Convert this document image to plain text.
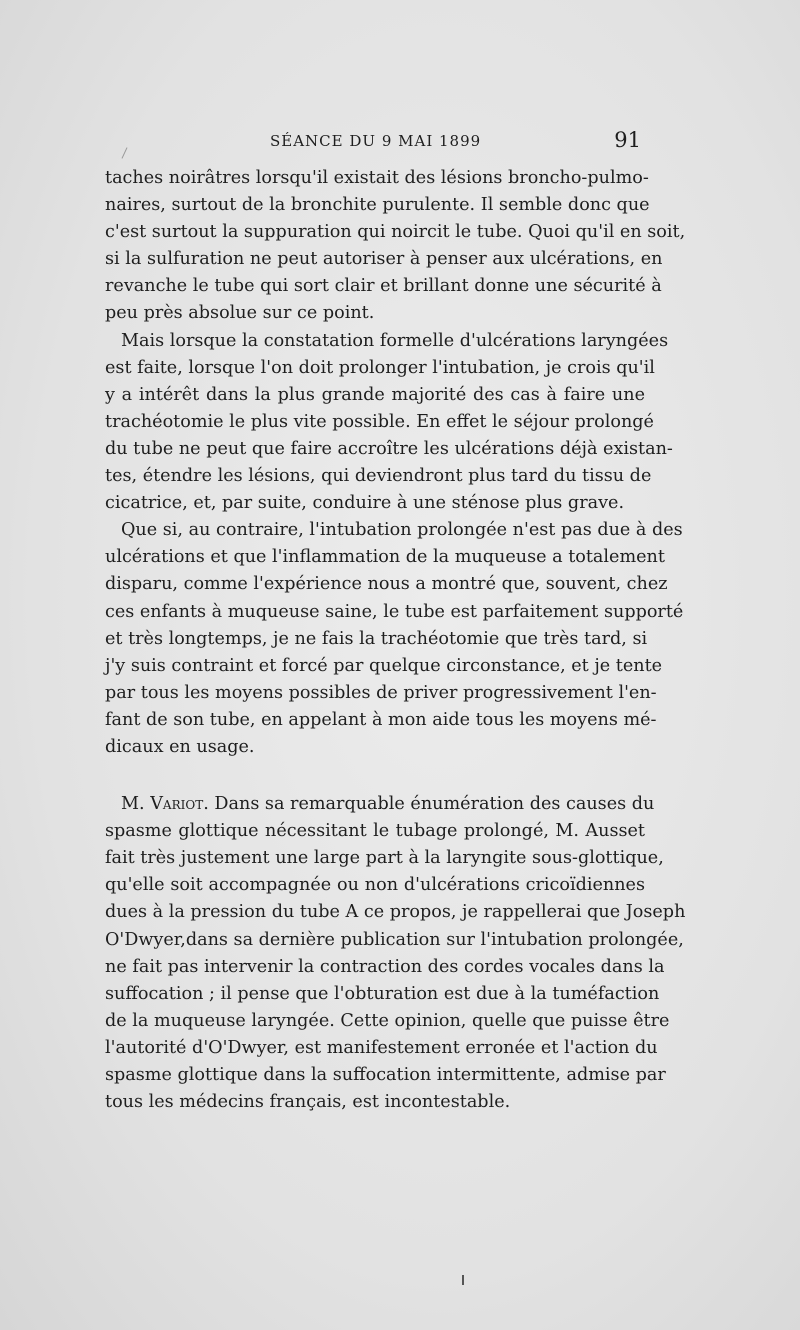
SÉANCE DU 9 MAI 1899	91
taches noirâtres lorsqu'il existait des lésions broncho-pulmo-
naires, surtout de la bronchite purulente. Il semble donc que
c'est surtout la suppuration qui noircit le tube. Quoi qu'il en soit,
si la sulfuration ne peut autoriser à penser aux ulcérations, en
revanche le tube qui sort clair et brillant donne une sécurité à
peu près absolue sur ce point.
Mais lorsque la constatation formelle d'ulcérations laryngées
est faite, lorsque l'on doit prolonger l'intubation, je crois qu'il
y a intérêt dans la plus grande majorité des cas à faire une
trachéotomie le plus vite possible. En effet le séjour prolongé
du tube ne peut que faire accroître les ulcérations déjà existan-
tes, étendre les lésions, qui deviendront plus tard du tissu de
cicatrice, et, par suite, conduire à une sténose plus grave.
Que si, au contraire, l'intubation prolongée n'est pas due à des
ulcérations et que l'inflammation de la muqueuse a totalement
disparu, comme l'expérience nous a montré que, souvent, chez
ces enfants à muqueuse saine, le tube est parfaitement supporté
et très longtemps, je ne fais la trachéotomie que très tard, si
j'y suis contraint et forcé par quelque circonstance, et je tente
par tous les moyens possibles de priver progressivement l'en-
fant de son tube, en appelant à mon aide tous les moyens mé-
dicaux en usage.
M. Variot. Dans sa remarquable énumération des causes du
spasme glottique nécessitant le tubage prolongé, M. Ausset
fait très justement une large part à la laryngite sous-glottique,
qu'elle soit accompagnée ou non d'ulcérations cricoïdiennes
dues à la pression du tube A ce propos, je rappellerai que Joseph
O'Dwyer,dans sa dernière publication sur l'intubation prolongée,
ne fait pas intervenir la contraction des cordes vocales dans la
suffocation ; il pense que l'obturation est due à la tuméfaction
de la muqueuse laryngée. Cette opinion, quelle que puisse être
l'autorité d'O'Dwyer, est manifestement erronée et l'action du
spasme glottique dans la suffocation intermittente, admise par
tous les médecins français, est incontestable.
